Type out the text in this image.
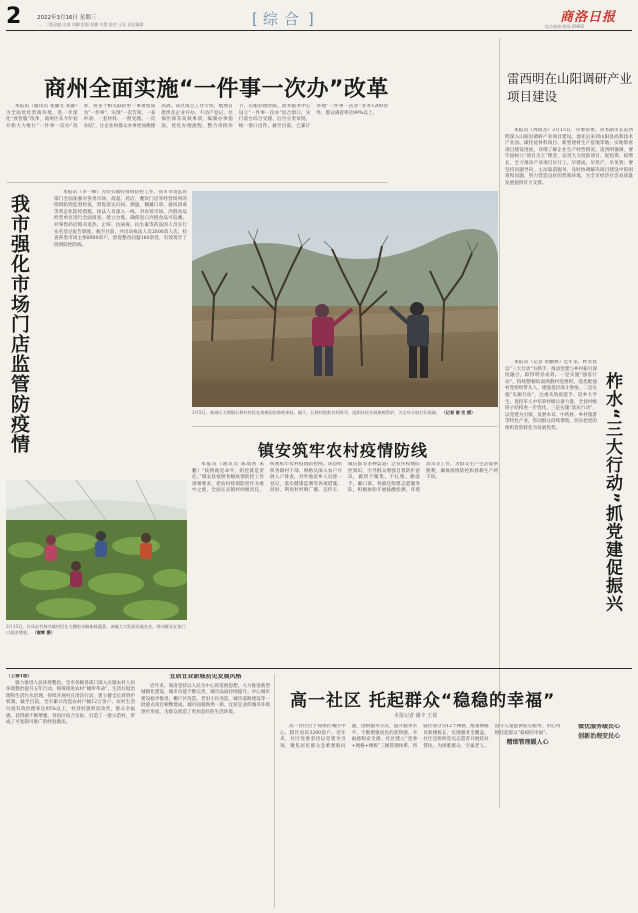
2	2022年3月16日 星期三	[ 综合 ]	商洛日报
一、二版责编:庄满 刘卿 组版:张鹏 许慧 校对:王宏 责任编辑	综合新闻·热线:29692
商州全面实施“一件事一次办”改革

本报讯（通讯员 张馨文 朱静）为全面优化营商环境，进一步深化“放管服”改革，商州区从今年初开始大力推行“一件事一次办”改革，将多个相关联的单一事项集成为“一件事”，实现“一次告知、一表申请、一套材料、一窗受理、一次办结”，让企业和群众办事更加便捷高效。该区成立工作专班，梳理首批涉及企业开办、不动产登记、社保医保等高频事项，编制办事指南，优化办理流程，整合审批环节，压缩办理时限。政务服务中心设立“一件事一次办”综合窗口，实行前台综合受理、后台分类审批、统一窗口出件。截至目前，已累计办理“一件事一次办”业务1200余件，群众满意率达99%以上。

雷西明在山阳调研产业项目建设

本报讯（周锐杰）3月15日，市委常委、常务副市长雷西明深入山阳县调研产业项目建设。他先后来到山阳县高新技术产业园、碳化硅材料项目、新型建材生产基地等地，实地察看项目建设进度，详细了解企业生产经营情况。雷西明强调，要牢固树立“项目为王”理念，以更大力度抓项目、促投资、稳增长，全力推动产业项目早开工、早建成、早投产、早见效；要坚持问题导向，主动靠前服务，及时协调解决项目建设中的困难和问题，努力营造良好的营商环境，为全市经济社会高质量发展提供有力支撑。

我市强化市场门店监管防疫情

本报讯（李一峰）为切实做好疫情防控工作，我市市场监管部门全面加强对各类市场、商超、药店、餐饮门店等经营场所的疫情防控监督检查，督促落实扫码、测温、佩戴口罩、通风消毒等常态化防控措施。执法人员深入一线，对农贸市场、冷链食品经营单位进行全面排查，建立台账，确保进口冷链食品可追溯。对零售药店购买退热、止咳、抗病毒、抗生素等药品的人员实行实名登记报告制度。截至目前，共出动执法人员2600余人次，检查各类市场主体8900余户，督促整改问题180余处，有效筑牢了疫情防控防线。

3月5日，商州区大荆镇石桥村村民在果树园里修剪果枝。眼下，石桥村抢抓有利时节，组织村民开展果树管护，为全年丰收打好基础。 （记者 谢 宏 摄）

本报讯（记者 余鹏林）近年来，柞水县以“三大行动”为抓手，推动党建与乡村振兴深度融合，取得明显成效。一是实施“强基行动”，持续整顿软弱涣散村党组织，选优配强村党组织带头人，建强基层战斗堡垒。二是实施“头雁行动”，注重从致富能手、返乡大学生、退役军人中培养村级后备力量，全县村级班子结构进一步优化。三是实施“富民行动”，以党建为引领，发展木耳、中药材、乡村旅游等特色产业，带动群众持续增收，切实把党的组织优势转化为发展优势。	柞水“三大行动”抓党建促振兴
镇安筑牢农村疫情防线

本报讯（通讯员 陈瑞智 朱 鹏）“疫情就是命令，防控就是责任。”镇安县按照各级疫情防控工作部署要求，把农村疫情防控作为重中之重，全面压实镇村两级责任，织密织牢农村疫情防控网。该县组织各镇村干部、网格员深入农户开展入户排查，对外地返乡人员逐一登记，落实健康监测等各项措施。同时，利用村村响广播、宣传车、微信群等多种渠道广泛宣传疫情防控知识，引导群众增强自我防护意识，做到不聚集、不扎堆、勤洗手、戴口罩。各镇还组建志愿服务队，积极协助开展核酸检测、环境消杀等工作，为群众生产生活提供便利，确保疫情防控和春耕生产两不误。

3月13日，丹凤县竹林关镇村民在大棚里采摘新鲜蔬菜。该镇大力发展设施农业，带动群众在家门口就业增收。 （谢辉 摄）
（上接1版）

强力推进人居环境整治。全市各级各部门深入实施农村人居环境整治提升五年行动，统筹推进农村“厕所革命”、生活垃圾治理和生活污水治理，持续开展村庄清洁行动，建立健全长效管护机制。截至目前，全市累计改造农村户厕12万余户，农村生活垃圾有效治理率达95%以上，村容村貌明显改善，群众幸福感、获得感不断增强。各县区结合实际，打造了一批示范村，形成了可复制可推广的经验做法。

宜居宜业新城初见发展风格

近年来，商洛坚持以人民为中心的发展思想，大力推进新型城镇化建设，城市功能不断完善，城市品质持续提升。中心城市建设稳步推进，棚户区改造、老旧小区改造、城市道路建设等一批重点项目相继建成，城市面貌焕然一新，宜居宜业的城市环境逐步形成，为群众创造了更加美好的生活环境。

高一社区 托起群众“稳稳的幸福”
本报记者 谢丰 王倩

高一社区位于商州区城区中心，辖区居民3200余户，近年来，社区党委坚持以党建为引领，聚焦居民群众急难愁盼问题，创新服务方式，提升服务水平，不断增强居民的获得感、幸福感和安全感。社区建立“党委+网格+楼栋”三级管理体系，将辖区划分为12个网格，配备网格员和楼栋长，实现服务全覆盖。社区还组织党员志愿者开展结对帮扶，为困难群众、空巢老人、留守儿童提供贴心服务，用心用情托起群众“稳稳的幸福”。

精细管理暖人心
做优服务暖民心
创新治理安民心
